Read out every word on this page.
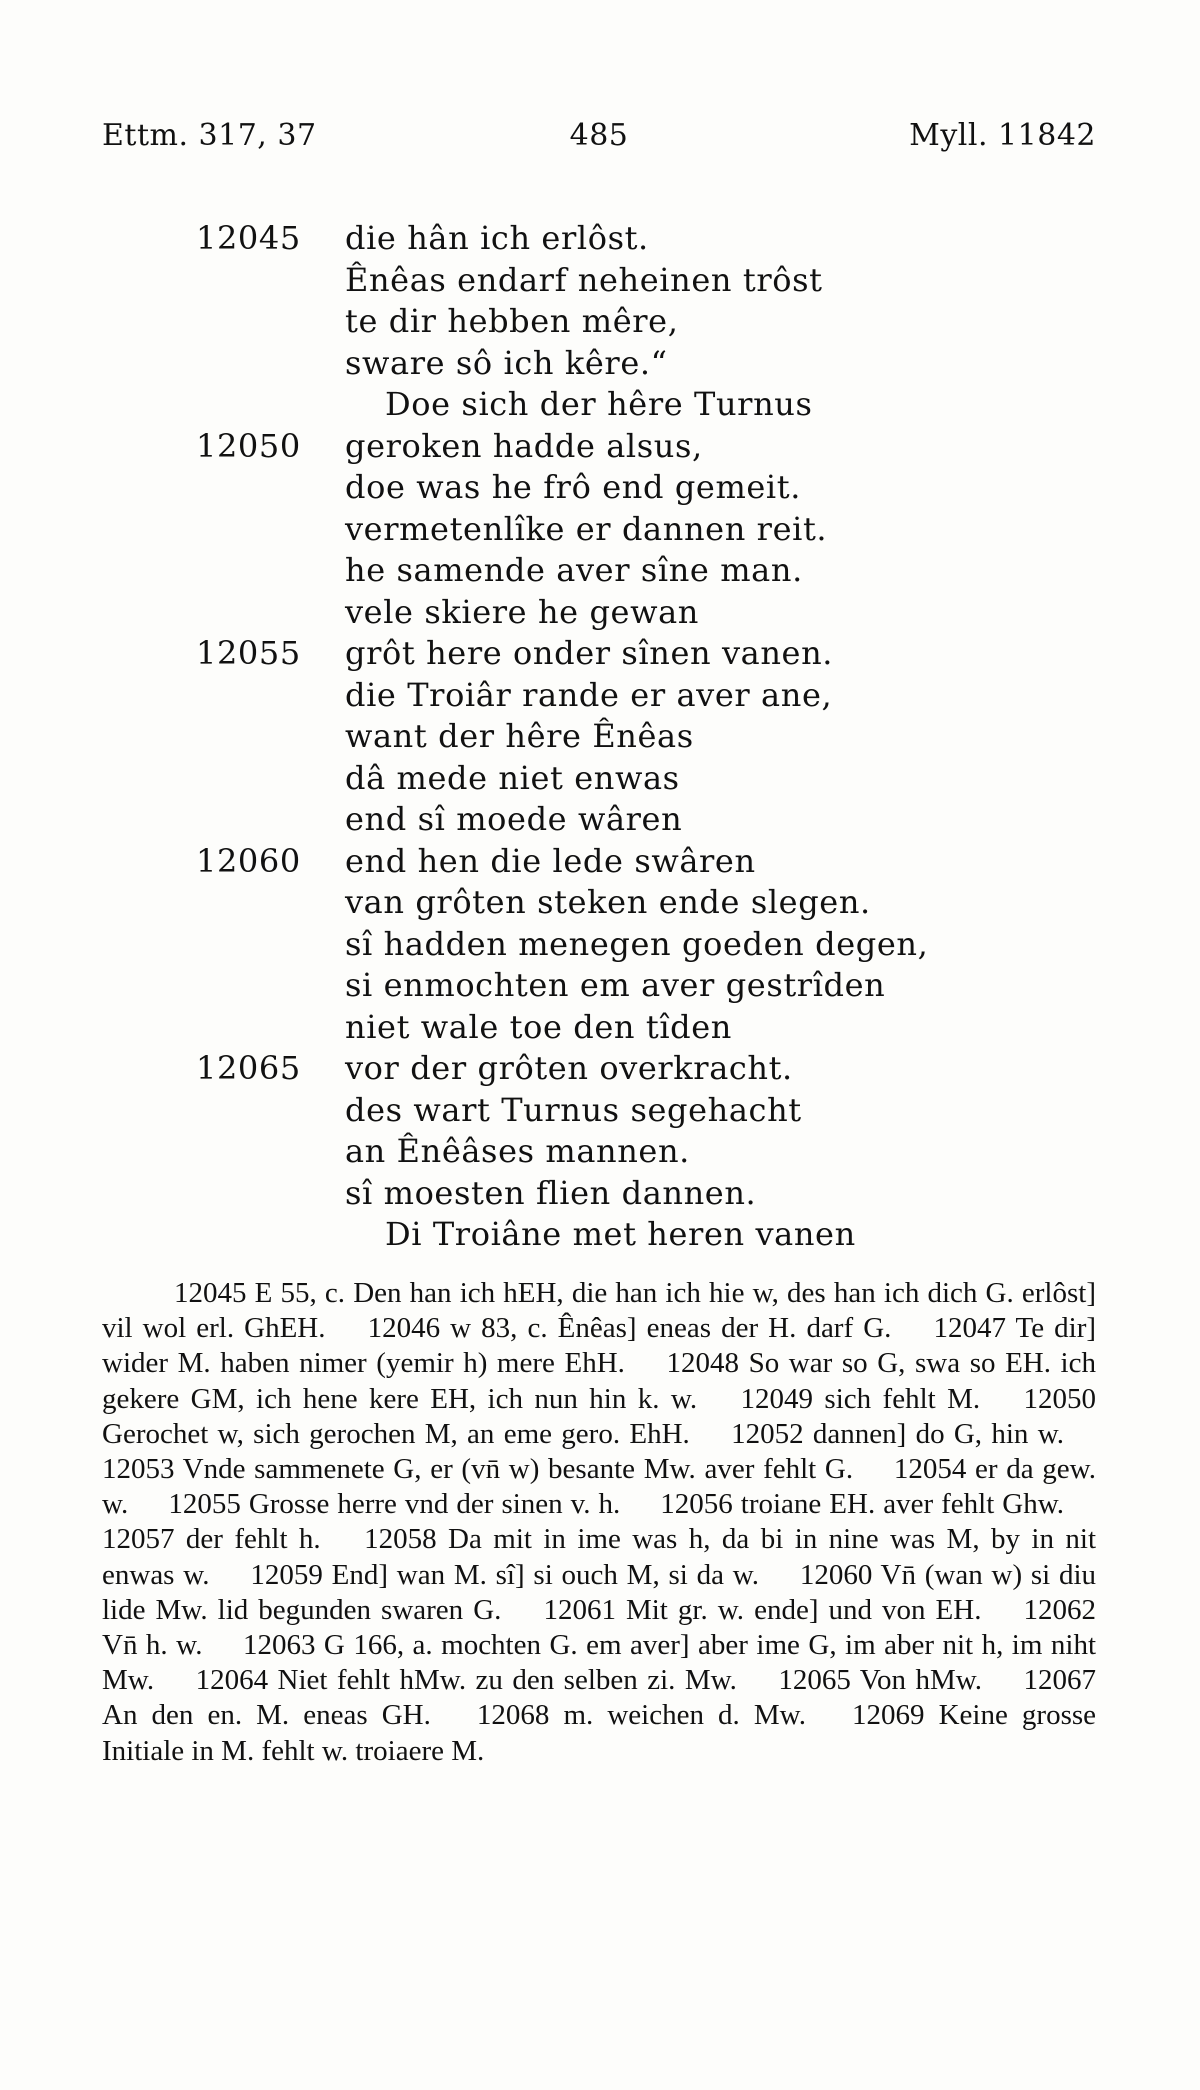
Ettm. 317, 37	485	Myll. 11842
12045	die hân ich erlôst.
Ênêas endarf neheinen trôst
te dir hebben mêre,
sware sô ich kêre.“
Doe sich der hêre Turnus
12050	geroken hadde alsus,
doe was he frô end gemeit.
vermetenlîke er dannen reit.
he samende aver sîne man.
vele skiere he gewan
12055	grôt here onder sînen vanen.
die Troiâr rande er aver ane,
want der hêre Ênêas
dâ mede niet enwas
end sî moede wâren
12060	end hen die lede swâren
van grôten steken ende slegen.
sî hadden menegen goeden degen,
si enmochten em aver gestrîden
niet wale toe den tîden
12065	vor der grôten overkracht.
des wart Turnus segehacht
an Ênêâses mannen.
sî moesten flien dannen.
Di Troiâne met heren vanen

12045 E 55, c. Den han ich hEH, die han ich hie w, des han ich dich G. erlôst] vil wol erl. GhEH. 12046 w 83, c. Ênêas] eneas der H. darf G. 12047 Te dir] wider M. haben nimer (yemir h) mere EhH. 12048 So war so G, swa so EH. ich gekere GM, ich hene kere EH, ich nun hin k. w. 12049 sich fehlt M. 12050 Gerochet w, sich gerochen M, an eme gero. EhH. 12052 dannen] do G, hin w. 12053 Vnde sammenete G, er (vn̄ w) besante Mw. aver fehlt G. 12054 er da gew. w. 12055 Grosse herre vnd der sinen v. h. 12056 troiane EH. aver fehlt Ghw. 12057 der fehlt h. 12058 Da mit in ime was h, da bi in nine was M, by in nit enwas w. 12059 End] wan M. sî] si ouch M, si da w. 12060 Vn̄ (wan w) si diu lide Mw. lid begunden swaren G. 12061 Mit gr. w. ende] und von EH. 12062 Vn̄ h. w. 12063 G 166, a. mochten G. em aver] aber ime G, im aber nit h, im niht Mw. 12064 Niet fehlt hMw. zu den selben zi. Mw. 12065 Von hMw. 12067 An den en. M. eneas GH. 12068 m. weichen d. Mw. 12069 Keine grosse Initiale in M. fehlt w. troiaere M.
